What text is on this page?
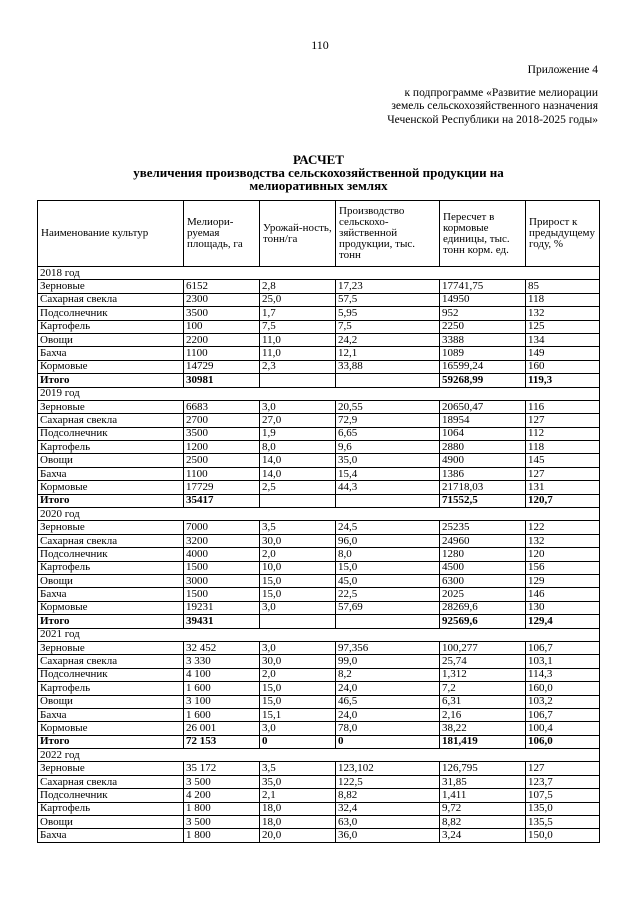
110
Приложение 4
к подпрограмме «Развитие мелиорации
земель сельскохозяйственного назначения
Чеченской Республики на 2018-2025 годы»
РАСЧЕТ
увеличения производства сельскохозяйственной продукции на
мелиоративных землях
Наименование культур	Мелиори-руемая площадь, га	Урожай-ность, тонн/га	Производство сельскохо-зяйственной продукции, тыс. тонн	Пересчет в кормовые единицы, тыс. тонн корм. ед.	Прирост к предыдущему году, %
2018 год					
Зерновые	6152	2,8	17,23	17741,75	85
Сахарная свекла	2300	25,0	57,5	14950	118
Подсолнечник	3500	1,7	5,95	952	132
Картофель	100	7,5	7,5	2250	125
Овощи	2200	11,0	24,2	3388	134
Бахча	1100	11,0	12,1	1089	149
Кормовые	14729	2,3	33,88	16599,24	160
Итого	30981			59268,99	119,3
2019 год					
Зерновые	6683	3,0	20,55	20650,47	116
Сахарная свекла	2700	27,0	72,9	18954	127
Подсолнечник	3500	1,9	6,65	1064	112
Картофель	1200	8,0	9,6	2880	118
Овощи	2500	14,0	35,0	4900	145
Бахча	1100	14,0	15,4	1386	127
Кормовые	17729	2,5	44,3	21718,03	131
Итого	35417			71552,5	120,7
2020 год					
Зерновые	7000	3,5	24,5	25235	122
Сахарная свекла	3200	30,0	96,0	24960	132
Подсолнечник	4000	2,0	8,0	1280	120
Картофель	1500	10,0	15,0	4500	156
Овощи	3000	15,0	45,0	6300	129
Бахча	1500	15,0	22,5	2025	146
Кормовые	19231	3,0	57,69	28269,6	130
Итого	39431			92569,6	129,4
2021 год					
Зерновые	32 452	3,0	97,356	100,277	106,7
Сахарная свекла	3 330	30,0	99,0	25,74	103,1
Подсолнечник	4 100	2,0	8,2	1,312	114,3
Картофель	1 600	15,0	24,0	7,2	160,0
Овощи	3 100	15,0	46,5	6,31	103,2
Бахча	1 600	15,1	24,0	2,16	106,7
Кормовые	26 001	3,0	78,0	38,22	100,4
Итого	72 153	0	0	181,419	106,0
2022 год					
Зерновые	35 172	3,5	123,102	126,795	127
Сахарная свекла	3 500	35,0	122,5	31,85	123,7
Подсолнечник	4 200	2,1	8,82	1,411	107,5
Картофель	1 800	18,0	32,4	9,72	135,0
Овощи	3 500	18,0	63,0	8,82	135,5
Бахча	1 800	20,0	36,0	3,24	150,0
